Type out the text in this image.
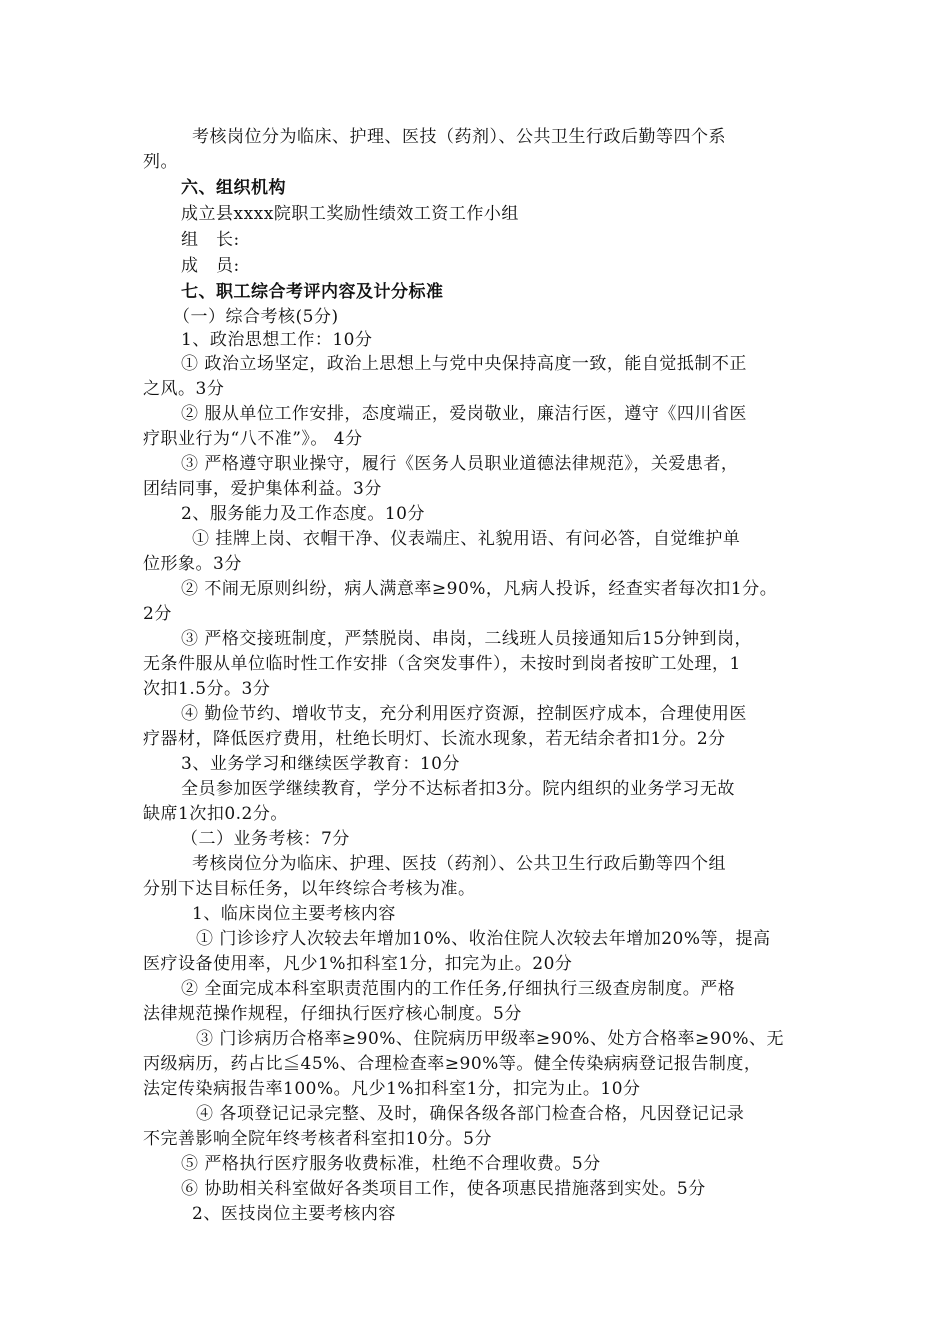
考核岗位分为临床、护理、医技（药剂）、公共卫生行政后勤等四个系
列。
六、组织机构
成立县xxxx院职工奖励性绩效工资工作小组
组　长:
成　员:
七、职工综合考评内容及计分标准
（一）综合考核(5分)
1、政治思想工作：10分
① 政治立场坚定，政治上思想上与党中央保持高度一致，能自觉抵制不正
之风。3分
② 服从单位工作安排，态度端正，爱岗敬业，廉洁行医，遵守《四川省医
疗职业行为“八不准”》。 4分
③ 严格遵守职业操守，履行《医务人员职业道德法律规范》，关爱患者，
团结同事，爱护集体利益。3分
2、服务能力及工作态度。10分
① 挂牌上岗、衣帽干净、仪表端庄、礼貌用语、有问必答，自觉维护单
位形象。3分
② 不闹无原则纠纷，病人满意率≥90%，凡病人投诉，经查实者每次扣1分。
2分
③ 严格交接班制度，严禁脱岗、串岗，二线班人员接通知后15分钟到岗，
无条件服从单位临时性工作安排（含突发事件），未按时到岗者按旷工处理，1
次扣1.5分。3分
④ 勤俭节约、增收节支，充分利用医疗资源，控制医疗成本，合理使用医
疗器材，降低医疗费用，杜绝长明灯、长流水现象，若无结余者扣1分。2分
3、业务学习和继续医学教育：10分
全员参加医学继续教育，学分不达标者扣3分。院内组织的业务学习无故
缺席1次扣0.2分。
（二）业务考核：7分
考核岗位分为临床、护理、医技（药剂）、公共卫生行政后勤等四个组
分别下达目标任务，以年终综合考核为准。
1、临床岗位主要考核内容
① 门诊诊疗人次较去年增加10%、收治住院人次较去年增加20%等，提高
医疗设备使用率，凡少1%扣科室1分，扣完为止。20分
② 全面完成本科室职责范围内的工作任务,仔细执行三级查房制度。严格
法律规范操作规程，仔细执行医疗核心制度。5分
③ 门诊病历合格率≥90%、住院病历甲级率≥90%、处方合格率≥90%、无
丙级病历，药占比≦45%、合理检查率≥90%等。健全传染病病登记报告制度，
法定传染病报告率100%。凡少1%扣科室1分，扣完为止。10分
④ 各项登记记录完整、及时，确保各级各部门检查合格，凡因登记记录
不完善影响全院年终考核者科室扣10分。5分
⑤ 严格执行医疗服务收费标准，杜绝不合理收费。5分
⑥ 协助相关科室做好各类项目工作，使各项惠民措施落到实处。5分
2、医技岗位主要考核内容
